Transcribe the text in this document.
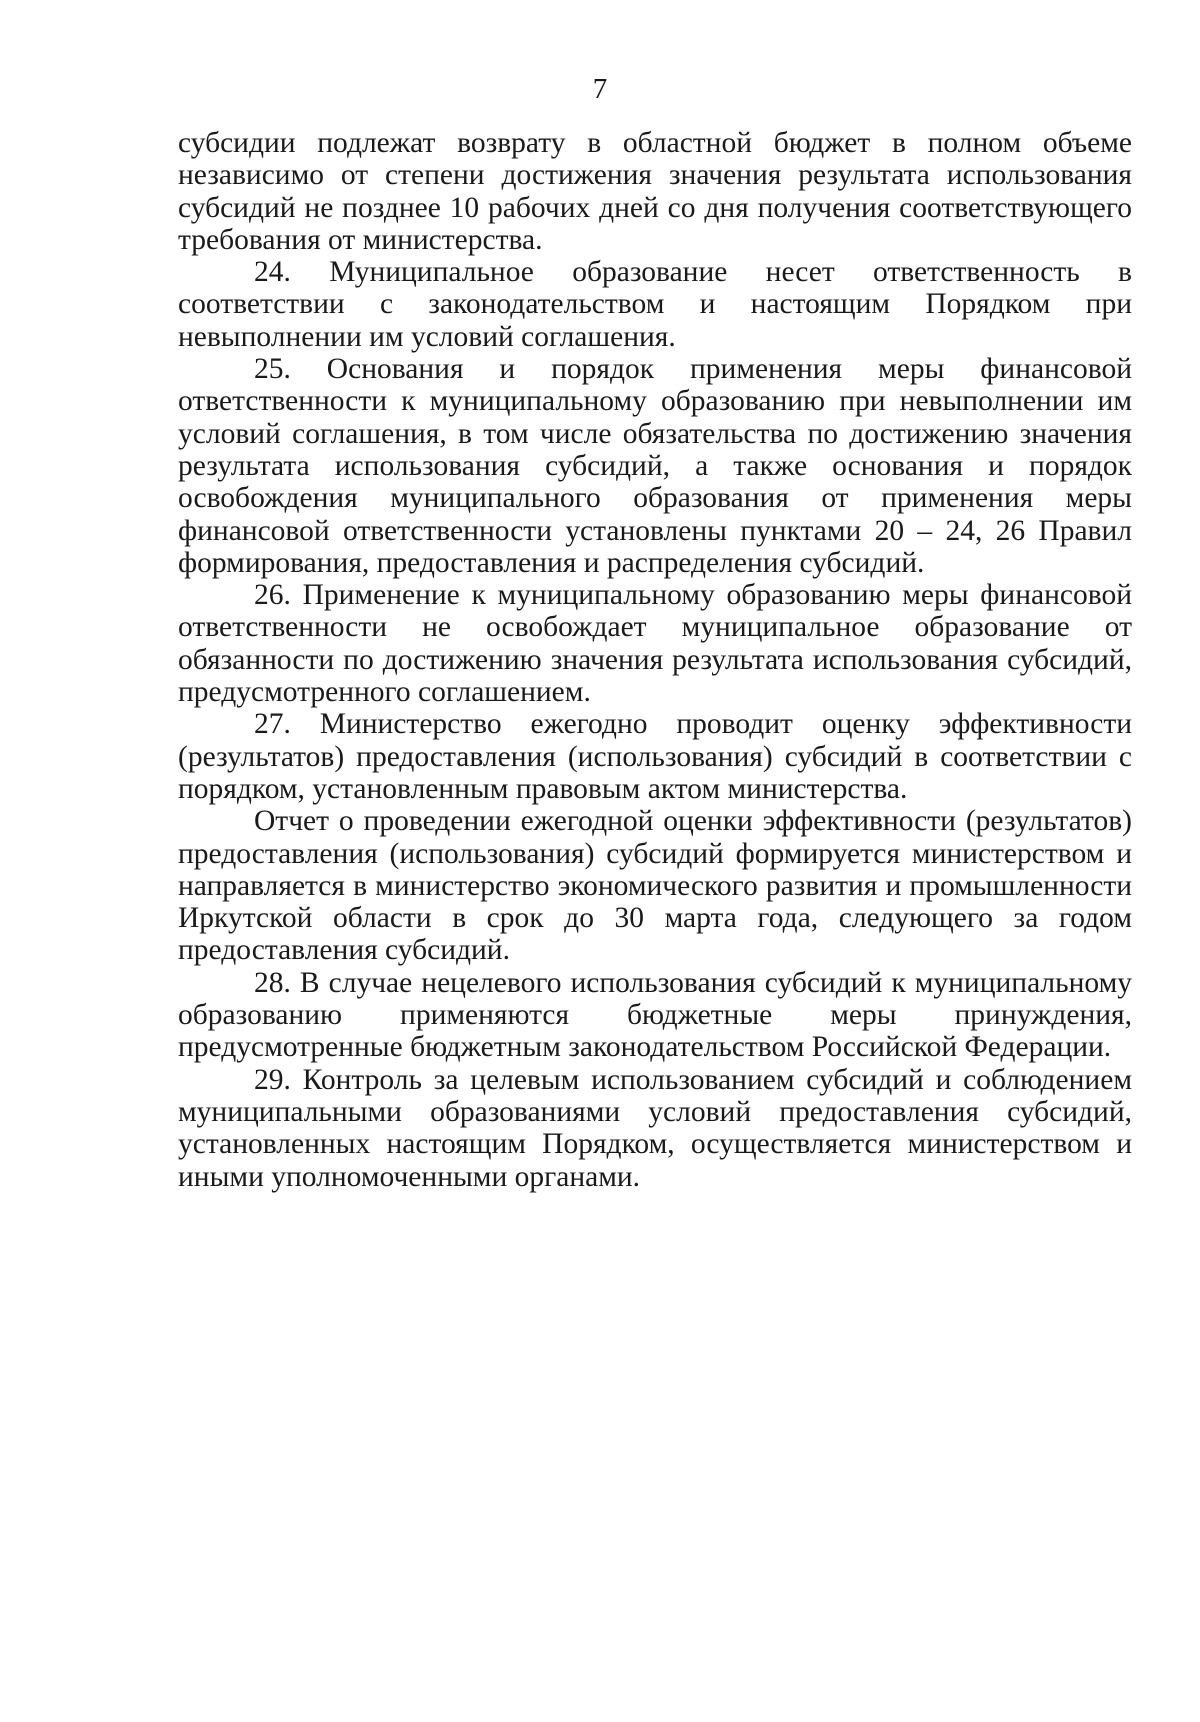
7

субсидии подлежат возврату в областной бюджет в полном объеме независимо от степени достижения значения результата использования субсидий не позднее 10 рабочих дней со дня получения соответствующего требования от министерства.

24. Муниципальное образование несет ответственность в соответствии с законодательством и настоящим Порядком при невыполнении им условий соглашения.

25. Основания и порядок применения меры финансовой ответственности к муниципальному образованию при невыполнении им условий соглашения, в том числе обязательства по достижению значения результата использования субсидий, а также основания и порядок освобождения муниципального образования от применения меры финансовой ответственности установлены пунктами 20 – 24, 26 Правил формирования, предоставления и распределения субсидий.

26. Применение к муниципальному образованию меры финансовой ответственности не освобождает муниципальное образование от обязанности по достижению значения результата использования субсидий, предусмотренного соглашением.

27. Министерство ежегодно проводит оценку эффективности (результатов) предоставления (использования) субсидий в соответствии с порядком, установленным правовым актом министерства.

Отчет о проведении ежегодной оценки эффективности (результатов) предоставления (использования) субсидий формируется министерством и направляется в министерство экономического развития и промышленности Иркутской области в срок до 30 марта года, следующего за годом предоставления субсидий.

28. В случае нецелевого использования субсидий к муниципальному образованию применяются бюджетные меры принуждения, предусмотренные бюджетным законодательством Российской Федерации.

29. Контроль за целевым использованием субсидий и соблюдением муниципальными образованиями условий предоставления субсидий, установленных настоящим Порядком, осуществляется министерством и иными уполномоченными органами.
